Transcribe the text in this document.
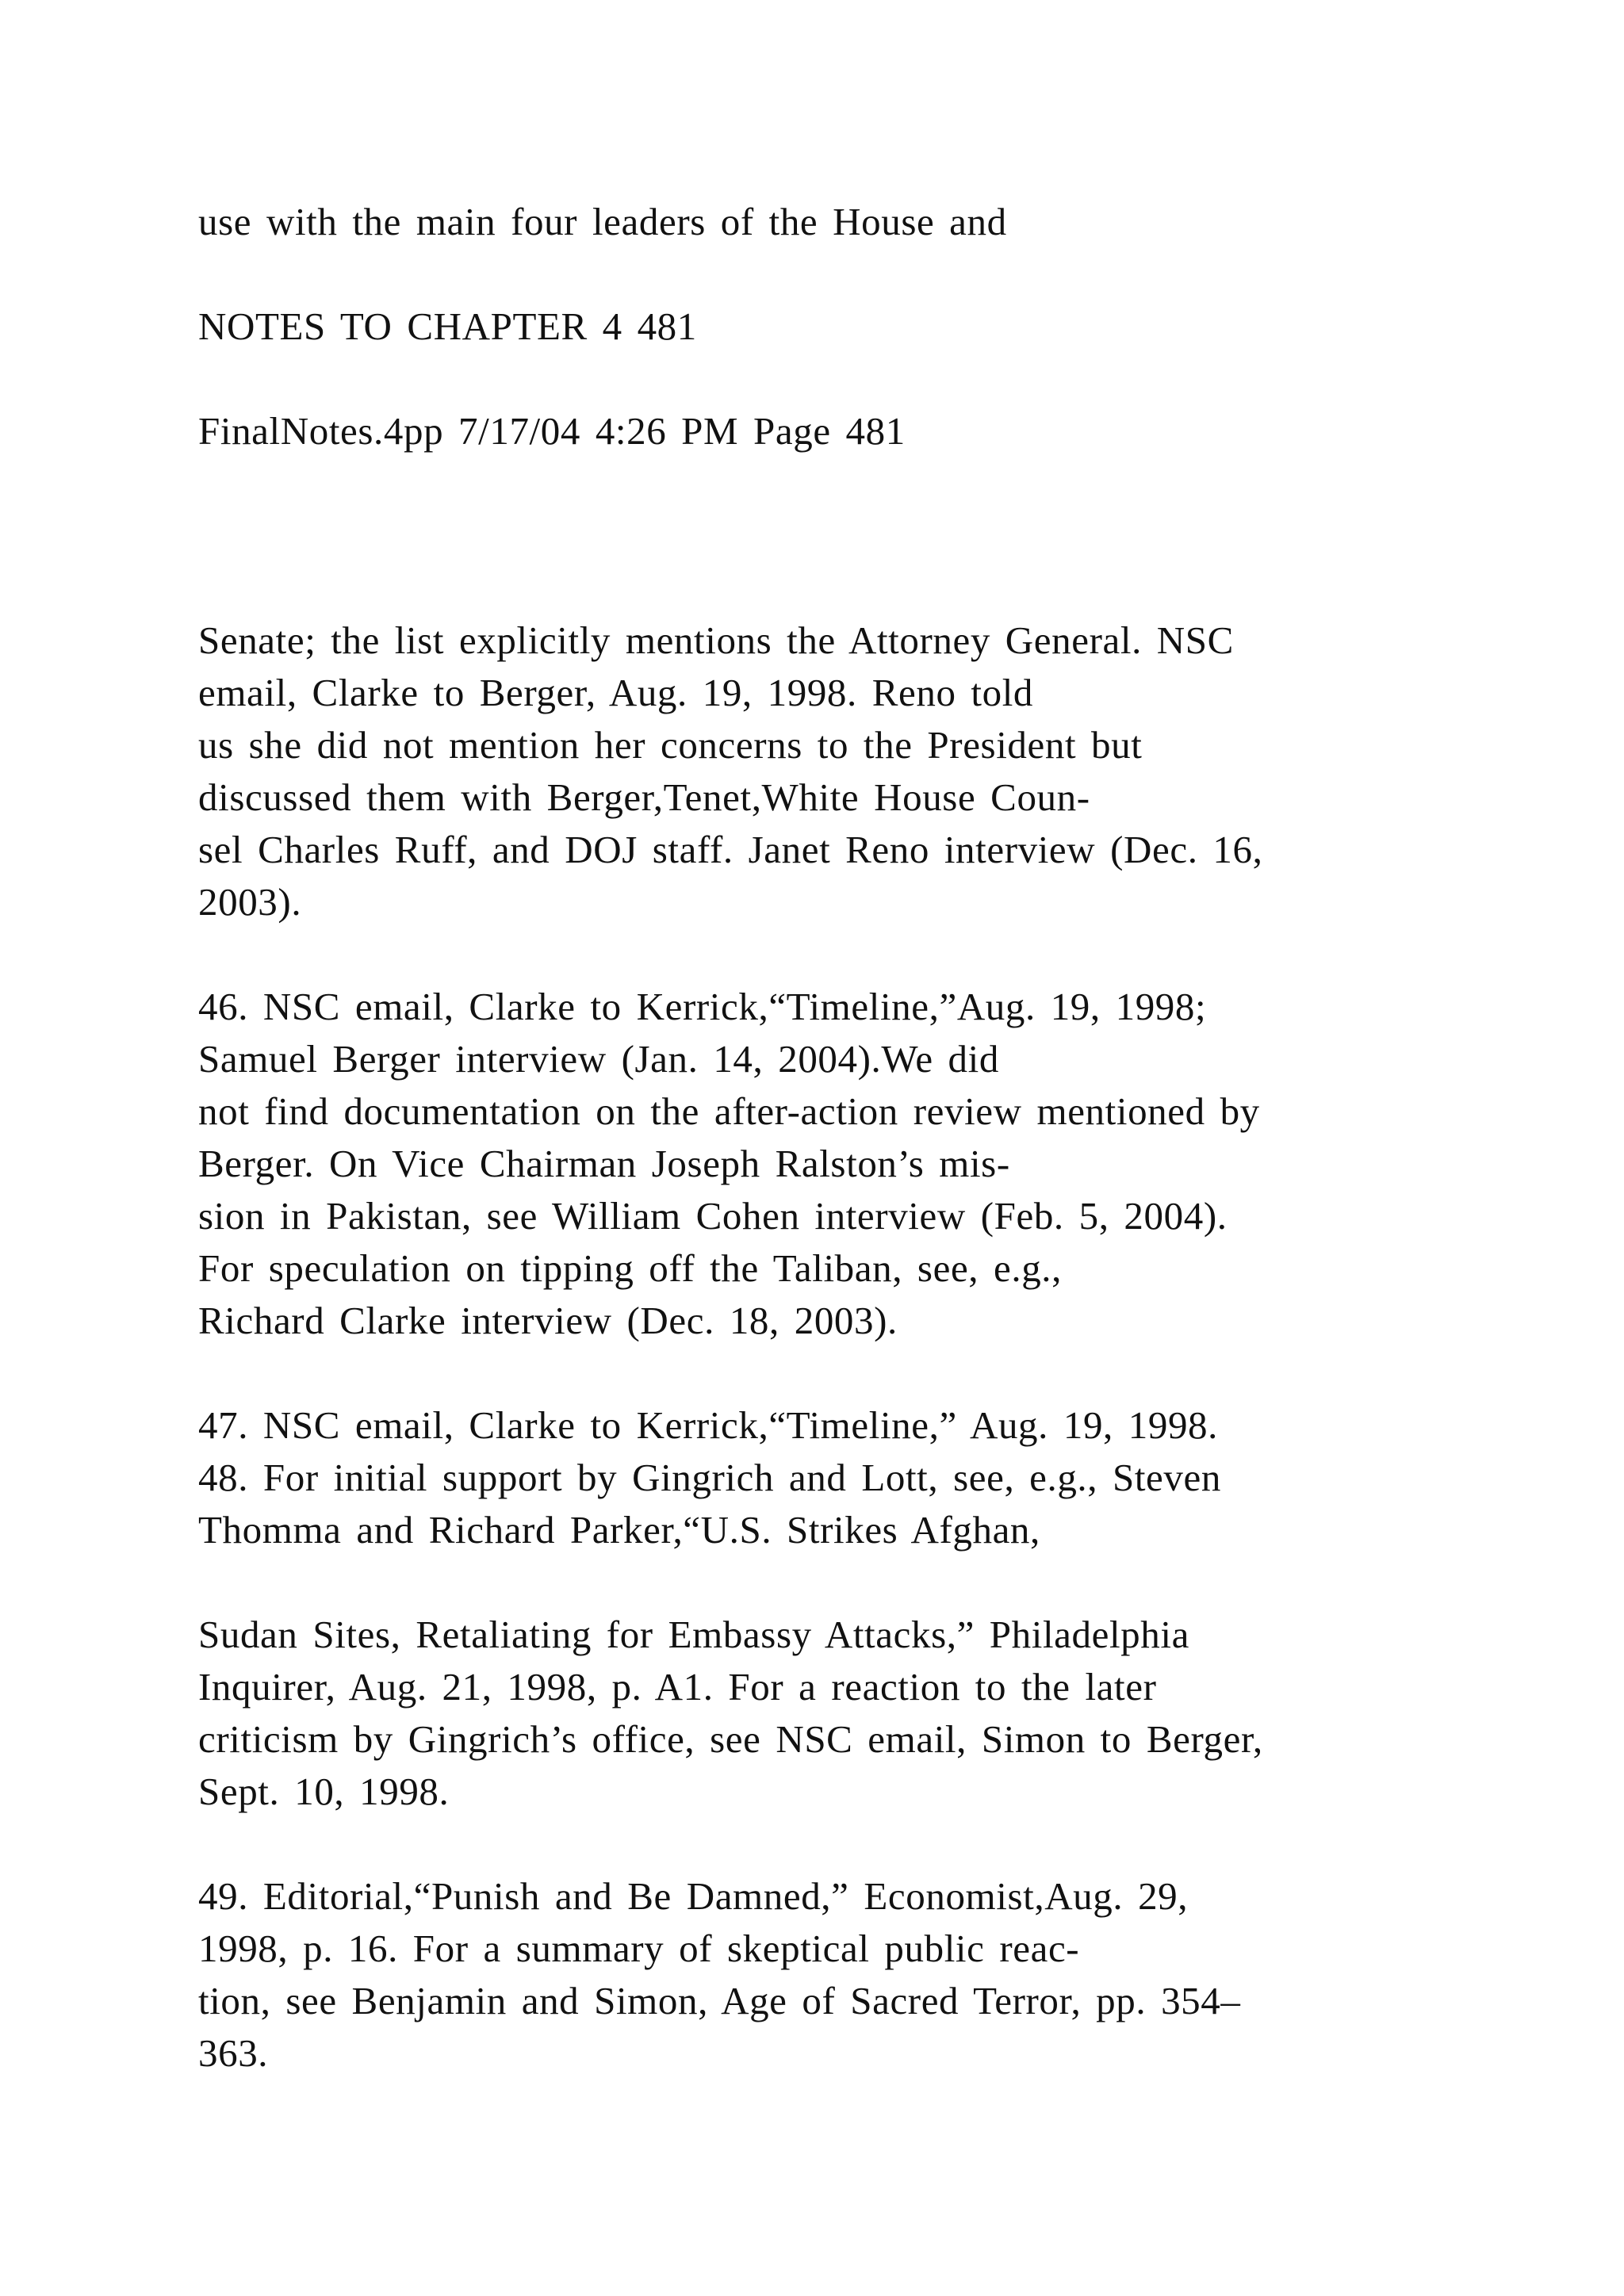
use with the main four leaders of the House and
NOTES TO CHAPTER 4 481
FinalNotes.4pp 7/17/04 4:26 PM Page 481
Senate; the list explicitly mentions the Attorney General. NSC
email, Clarke to Berger, Aug. 19, 1998. Reno told
us she did not mention her concerns to the President but
discussed them with Berger,Tenet,White House Coun-
sel Charles Ruff, and DOJ staff. Janet Reno interview (Dec. 16,
2003).
46. NSC email, Clarke to Kerrick,“Timeline,”Aug. 19, 1998;
Samuel Berger interview (Jan. 14, 2004).We did
not find documentation on the after-action review mentioned by
Berger. On Vice Chairman Joseph Ralston’s mis-
sion in Pakistan, see William Cohen interview (Feb. 5, 2004).
For speculation on tipping off the Taliban, see, e.g.,
Richard Clarke interview (Dec. 18, 2003).
47. NSC email, Clarke to Kerrick,“Timeline,” Aug. 19, 1998.
48. For initial support by Gingrich and Lott, see, e.g., Steven
Thomma and Richard Parker,“U.S. Strikes Afghan,
Sudan Sites, Retaliating for Embassy Attacks,” Philadelphia
Inquirer, Aug. 21, 1998, p. A1. For a reaction to the later
criticism by Gingrich’s office, see NSC email, Simon to Berger,
Sept. 10, 1998.
49. Editorial,“Punish and Be Damned,” Economist,Aug. 29,
1998, p. 16. For a summary of skeptical public reac-
tion, see Benjamin and Simon, Age of Sacred Terror, pp. 354–
363.
